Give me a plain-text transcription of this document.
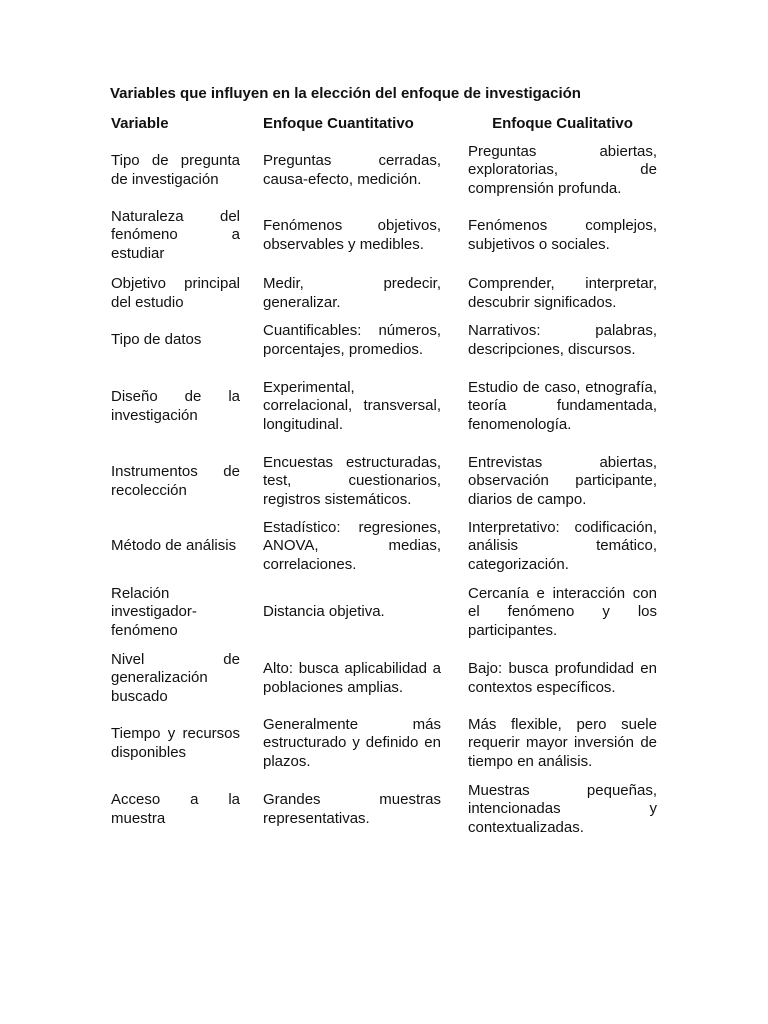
Variables que influyen en la elección del enfoque de investigación
Variable	Enfoque Cuantitativo	Enfoque Cualitativo
Tipo de pregunta de investigación
Preguntas cerradas, causa-efecto, medición.
Preguntas abiertas, exploratorias, de comprensión profunda.
Naturaleza del fenómeno a estudiar
Fenómenos objetivos, observables y medibles.
Fenómenos complejos, subjetivos o sociales.
Objetivo principal del estudio
Medir, predecir, generalizar.
Comprender, interpretar, descubrir significados.
Tipo de datos
Cuantificables: números, porcentajes, promedios.
Narrativos: palabras, descripciones, discursos.
Diseño de la investigación
Experimental, correlacional, transversal, longitudinal.
Estudio de caso, etnografía, teoría fundamentada, fenomenología.
Instrumentos de recolección
Encuestas estructuradas, test, cuestionarios, registros sistemáticos.
Entrevistas abiertas, observación participante, diarios de campo.
Método de análisis
Estadístico: regresiones, ANOVA, medias, correlaciones.
Interpretativo: codificación, análisis temático, categorización.
Relación investigador-fenómeno
Distancia objetiva.
Cercanía e interacción con el fenómeno y los participantes.
Nivel de generalización buscado
Alto: busca aplicabilidad a poblaciones amplias.
Bajo: busca profundidad en contextos específicos.
Tiempo y recursos disponibles
Generalmente más estructurado y definido en plazos.
Más flexible, pero suele requerir mayor inversión de tiempo en análisis.
Acceso a la muestra
Grandes muestras representativas.
Muestras pequeñas, intencionadas y contextualizadas.
